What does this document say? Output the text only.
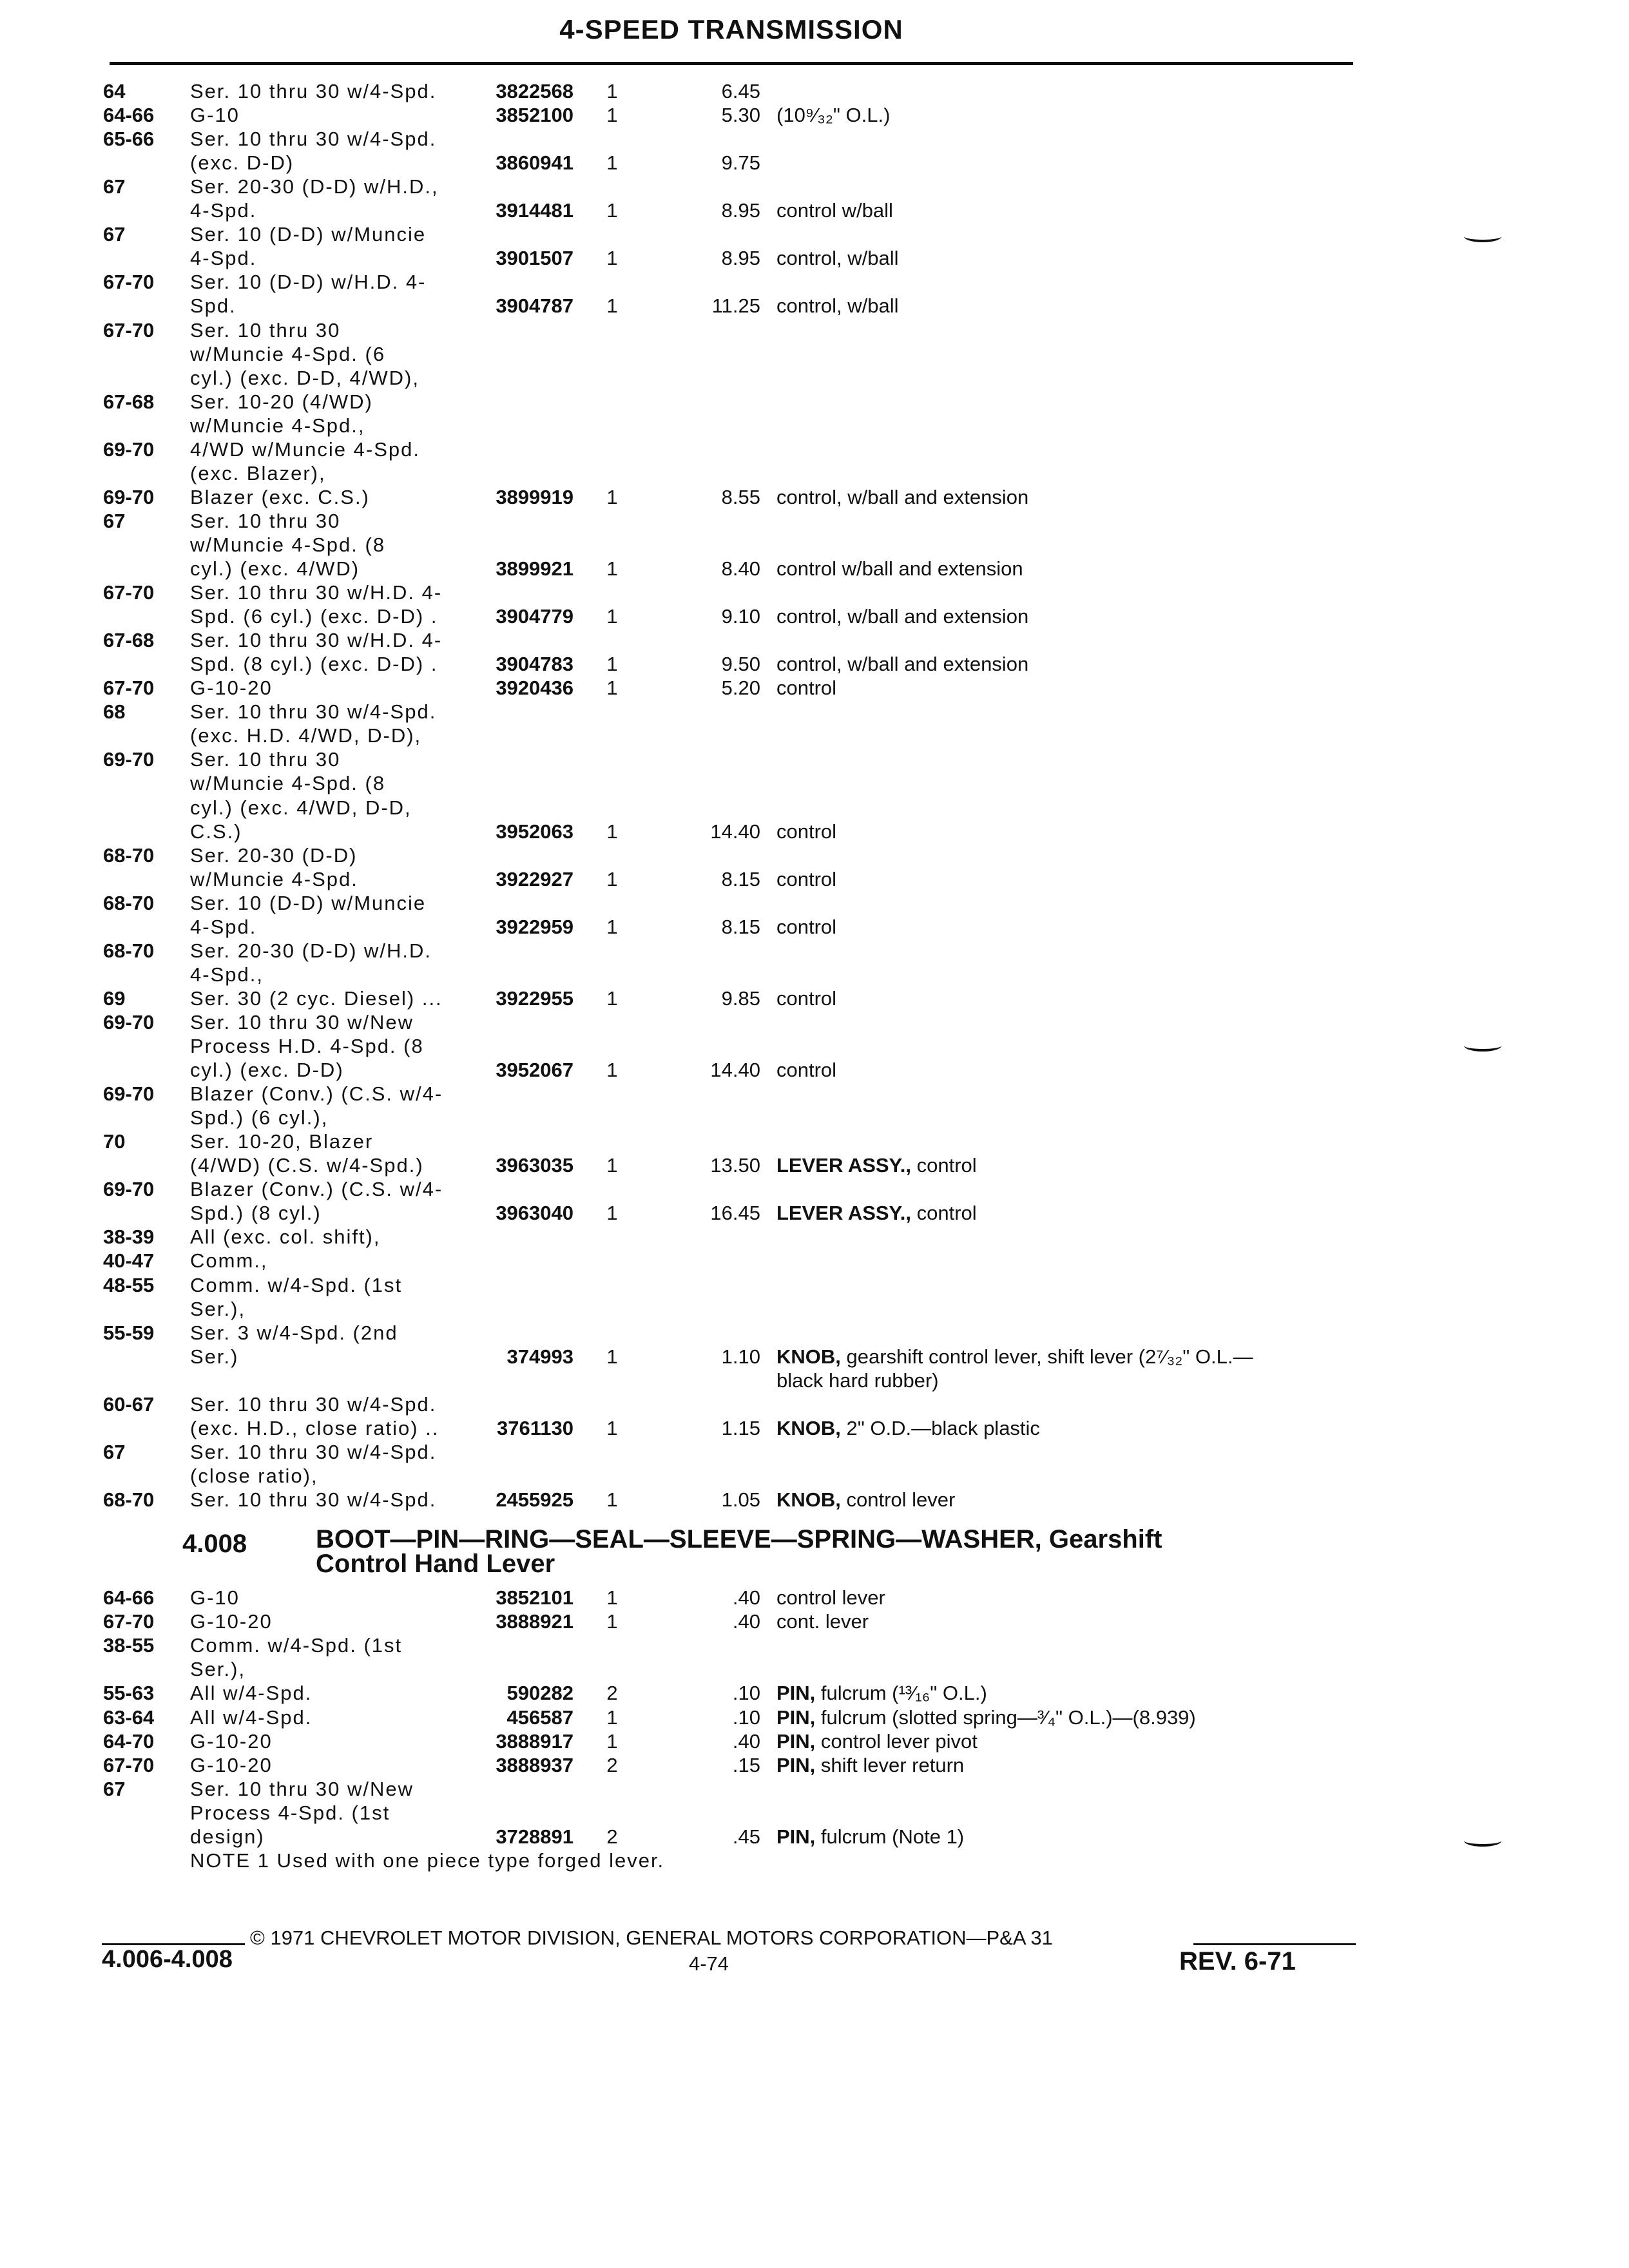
4-SPEED TRANSMISSION
64	Ser. 10 thru 30 w/4-Spd.	3822568	1	6.45
64-66	G-10	3852100	1	5.30 (10⁹⁄₃₂" O.L.)
65-66	Ser. 10 thru 30 w/4-Spd.
(exc. D-D)	3860941	1	9.75
67	Ser. 20-30 (D-D) w/H.D.,
4-Spd.	3914481	1	8.95 control w/ball
67	Ser. 10 (D-D) w/Muncie
4-Spd.	3901507	1	8.95 control, w/ball
67-70	Ser. 10 (D-D) w/H.D. 4-
Spd.	3904787	1	11.25 control, w/ball
67-70	Ser. 10 thru 30
w/Muncie 4-Spd. (6
cyl.) (exc. D-D, 4/WD),
67-68	Ser. 10-20 (4/WD)
w/Muncie 4-Spd.,
69-70	4/WD w/Muncie 4-Spd.
(exc. Blazer),
69-70	Blazer (exc. C.S.)	3899919	1	8.55 control, w/ball and extension
67	Ser. 10 thru 30
w/Muncie 4-Spd. (8
cyl.) (exc. 4/WD)	3899921	1	8.40 control w/ball and extension
67-70	Ser. 10 thru 30 w/H.D. 4-
Spd. (6 cyl.) (exc. D-D) .	3904779	1	9.10 control, w/ball and extension
67-68	Ser. 10 thru 30 w/H.D. 4-
Spd. (8 cyl.) (exc. D-D) .	3904783	1	9.50 control, w/ball and extension
67-70	G-10-20	3920436	1	5.20 control
68	Ser. 10 thru 30 w/4-Spd.
(exc. H.D. 4/WD, D-D),
69-70	Ser. 10 thru 30
w/Muncie 4-Spd. (8
cyl.) (exc. 4/WD, D-D,
C.S.)	3952063	1	14.40 control
68-70	Ser. 20-30 (D-D)
w/Muncie 4-Spd.	3922927	1	8.15 control
68-70	Ser. 10 (D-D) w/Muncie
4-Spd.	3922959	1	8.15 control
68-70	Ser. 20-30 (D-D) w/H.D.
4-Spd.,
69	Ser. 30 (2 cyc. Diesel) ...	3922955	1	9.85 control
69-70	Ser. 10 thru 30 w/New
Process H.D. 4-Spd. (8
cyl.) (exc. D-D)	3952067	1	14.40 control
69-70	Blazer (Conv.) (C.S. w/4-
Spd.) (6 cyl.),
70	Ser. 10-20, Blazer
(4/WD) (C.S. w/4-Spd.)	3963035	1	13.50 LEVER ASSY., control
69-70	Blazer (Conv.) (C.S. w/4-
Spd.) (8 cyl.)	3963040	1	16.45 LEVER ASSY., control
38-39	All (exc. col. shift),
40-47	Comm.,
48-55	Comm. w/4-Spd. (1st
Ser.),
55-59	Ser. 3 w/4-Spd. (2nd
Ser.)	374993	1	1.10 KNOB, gearshift control lever, shift lever (2⁷⁄₃₂" O.L.—
black hard rubber)
60-67	Ser. 10 thru 30 w/4-Spd.
(exc. H.D., close ratio) ..	3761130	1	1.15 KNOB, 2" O.D.—black plastic
67	Ser. 10 thru 30 w/4-Spd.
(close ratio),
68-70	Ser. 10 thru 30 w/4-Spd.	2455925	1	1.05 KNOB, control lever
4.008	BOOT—PIN—RING—SEAL—SLEEVE—SPRING—WASHER, Gearshift
Control Hand Lever
64-66	G-10	3852101	1	.40 control lever
67-70	G-10-20	3888921	1	.40 cont. lever
38-55	Comm. w/4-Spd. (1st
Ser.),
55-63	All w/4-Spd.	590282	2	.10 PIN, fulcrum (¹³⁄₁₆" O.L.)
63-64	All w/4-Spd.	456587	1	.10 PIN, fulcrum (slotted spring—³⁄₄" O.L.)—(8.939)
64-70	G-10-20	3888917	1	.40 PIN, control lever pivot
67-70	G-10-20	3888937	2	.15 PIN, shift lever return
67	Ser. 10 thru 30 w/New
Process 4-Spd. (1st
design)	3728891	2	.45 PIN, fulcrum (Note 1)
NOTE 1 Used with one piece type forged lever.
© 1971 CHEVROLET MOTOR DIVISION, GENERAL MOTORS CORPORATION—P&A 31
4.006-4.008	4-74	REV. 6-71
